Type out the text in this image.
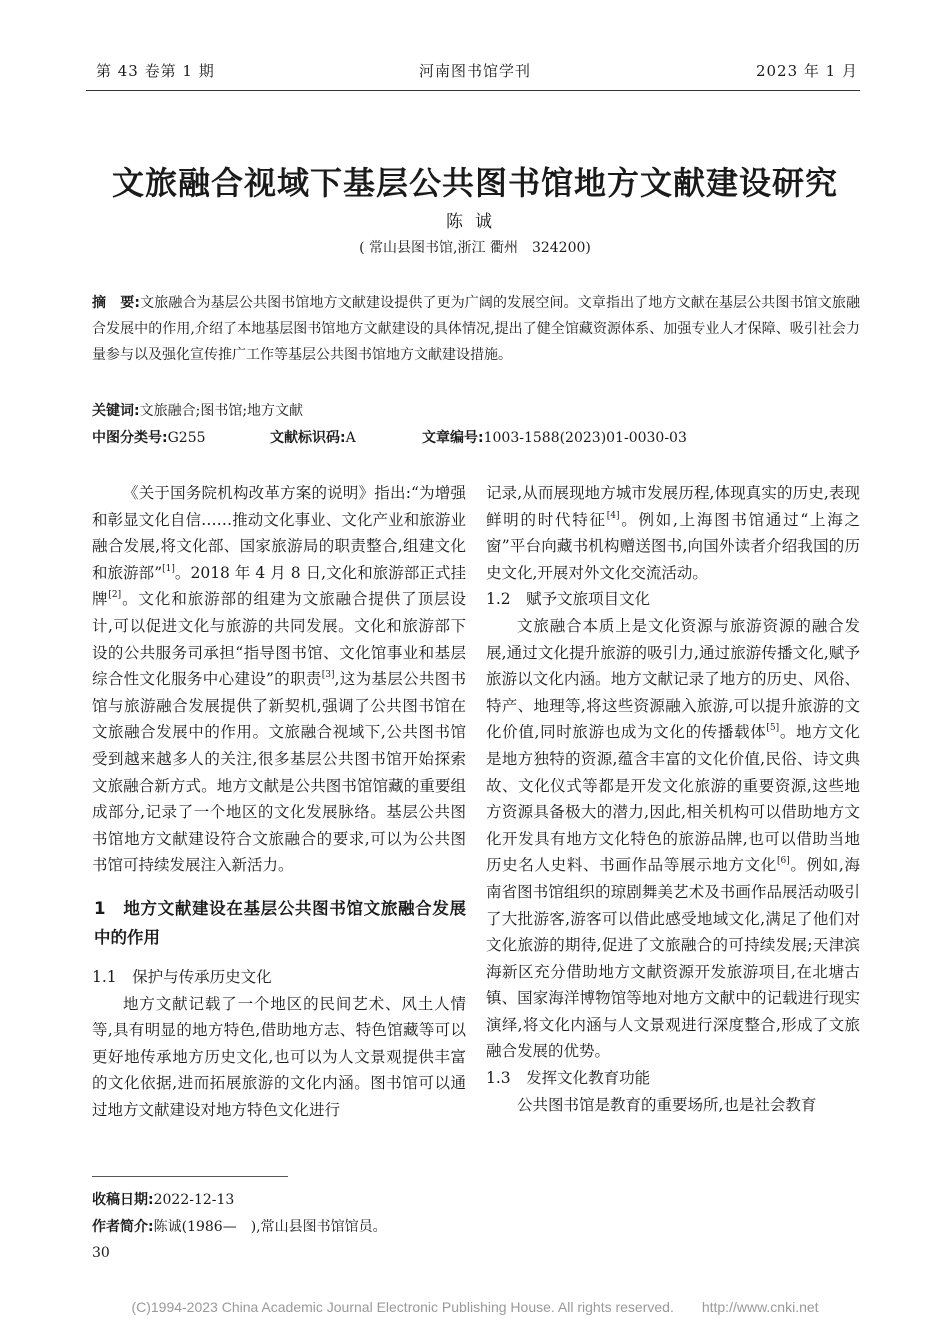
第 43 卷第 1 期	河南图书馆学刊	2023 年 1 月
文旅融合视域下基层公共图书馆地方文献建设研究
陈诚
( 常山县图书馆,浙江 衢州　324200)
摘　要:文旅融合为基层公共图书馆地方文献建设提供了更为广阔的发展空间。文章指出了地方文献在基层公共图书馆文旅融合发展中的作用,介绍了本地基层图书馆地方文献建设的具体情况,提出了健全馆藏资源体系、加强专业人才保障、吸引社会力量参与以及强化宣传推广工作等基层公共图书馆地方文献建设措施。
关键词:文旅融合;图书馆;地方文献
中图分类号:G255	文献标识码:A	文章编号:1003-1588(2023)01-0030-03

《关于国务院机构改革方案的说明》指出:“为增强和彰显文化自信……推动文化事业、文化产业和旅游业融合发展,将文化部、国家旅游局的职责整合,组建文化和旅游部”[1]。2018 年 4 月 8 日,文化和旅游部正式挂牌[2]。文化和旅游部的组建为文旅融合提供了顶层设计,可以促进文化与旅游的共同发展。文化和旅游部下设的公共服务司承担“指导图书馆、文化馆事业和基层综合性文化服务中心建设”的职责[3],这为基层公共图书馆与旅游融合发展提供了新契机,强调了公共图书馆在文旅融合发展中的作用。文旅融合视域下,公共图书馆受到越来越多人的关注,很多基层公共图书馆开始探索文旅融合新方式。地方文献是公共图书馆馆藏的重要组成部分,记录了一个地区的文化发展脉络。基层公共图书馆地方文献建设符合文旅融合的要求,可以为公共图书馆可持续发展注入新活力。

1　地方文献建设在基层公共图书馆文旅融合发展中的作用
1.1　保护与传承历史文化

地方文献记载了一个地区的民间艺术、风土人情等,具有明显的地方特色,借助地方志、特色馆藏等可以更好地传承地方历史文化,也可以为人文景观提供丰富的文化依据,进而拓展旅游的文化内涵。图书馆可以通过地方文献建设对地方特色文化进行

记录,从而展现地方城市发展历程,体现真实的历史,表现鲜明的时代特征[4]。例如,上海图书馆通过“上海之窗”平台向藏书机构赠送图书,向国外读者介绍我国的历史文化,开展对外文化交流活动。

1.2　赋予文旅项目文化

文旅融合本质上是文化资源与旅游资源的融合发展,通过文化提升旅游的吸引力,通过旅游传播文化,赋予旅游以文化内涵。地方文献记录了地方的历史、风俗、特产、地理等,将这些资源融入旅游,可以提升旅游的文化价值,同时旅游也成为文化的传播载体[5]。地方文化是地方独特的资源,蕴含丰富的文化价值,民俗、诗文典故、文化仪式等都是开发文化旅游的重要资源,这些地方资源具备极大的潜力,因此,相关机构可以借助地方文化开发具有地方文化特色的旅游品牌,也可以借助当地历史名人史料、书画作品等展示地方文化[6]。例如,海南省图书馆组织的琼剧舞美艺术及书画作品展活动吸引了大批游客,游客可以借此感受地域文化,满足了他们对文化旅游的期待,促进了文旅融合的可持续发展;天津滨海新区充分借助地方文献资源开发旅游项目,在北塘古镇、国家海洋博物馆等地对地方文献中的记载进行现实演绎,将文化内涵与人文景观进行深度整合,形成了文旅融合发展的优势。

1.3　发挥文化教育功能

公共图书馆是教育的重要场所,也是社会教育

收稿日期:2022-12-13
作者简介:陈诚(1986—　),常山县图书馆馆员。
30
(C)1994-2023 China Academic Journal Electronic Publishing House. All rights reserved.　　http://www.cnki.net
